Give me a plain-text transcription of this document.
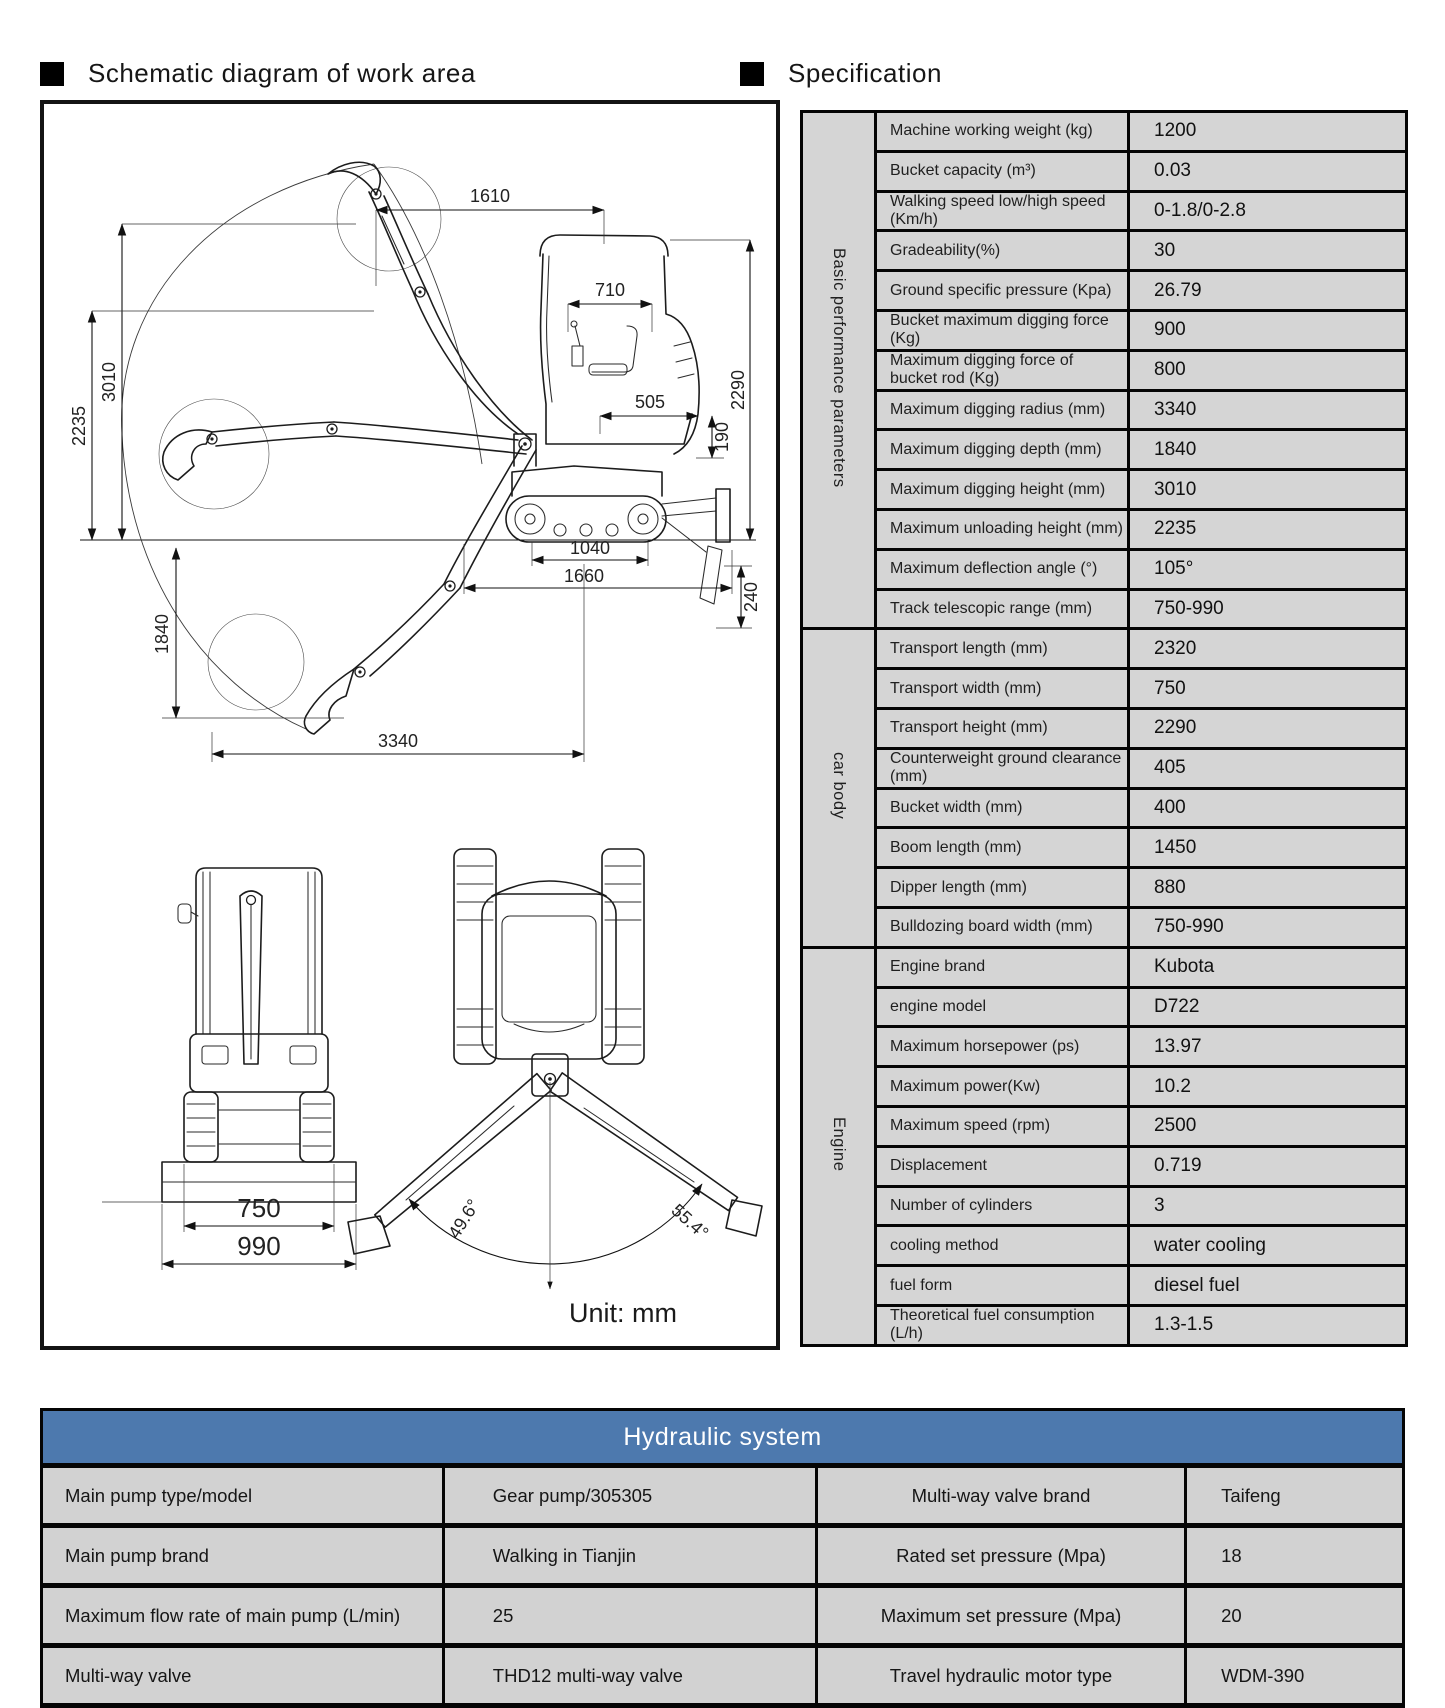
Schematic diagram of work area	Specification
1610
710
2290
3010
2235
505
190
1040
1660
240
1840
3340
750
990
49.6°	55.4°
Unit: mm
Basic performance parameters	Machine working weight (kg)	1200
	Bucket capacity (m³)	0.03
	Walking speed low/high speed (Km/h)	0-1.8/0-2.8
	Gradeability(%)	30
	Ground specific pressure (Kpa)	26.79
	Bucket maximum digging force (Kg)	900
	Maximum digging force of bucket rod (Kg)	800
	Maximum digging radius (mm)	3340
	Maximum digging depth (mm)	1840
	Maximum digging height (mm)	3010
	Maximum unloading height (mm)	2235
	Maximum deflection angle (°)	105°
	Track telescopic range (mm)	750-990
car body	Transport length (mm)	2320
	Transport width (mm)	750
	Transport height (mm)	2290
	Counterweight ground clearance (mm)	405
	Bucket width (mm)	400
	Boom length (mm)	1450
	Dipper length (mm)	880
	Bulldozing board width (mm)	750-990
Engine	Engine brand	Kubota
	engine model	D722
	Maximum horsepower (ps)	13.97
	Maximum power(Kw)	10.2
	Maximum speed (rpm)	2500
	Displacement	0.719
	Number of cylinders	3
	cooling method	water cooling
	fuel form	diesel fuel
	Theoretical fuel consumption (L/h)	1.3-1.5
Hydraulic system			
Main pump type/model	Gear pump/305305	Multi-way valve brand	Taifeng
Main pump brand	Walking in Tianjin	Rated set pressure (Mpa)	18
Maximum flow rate of main pump (L/min)	25	Maximum set pressure (Mpa)	20
Multi-way valve	THD12 multi-way valve	Travel hydraulic motor type	WDM-390
